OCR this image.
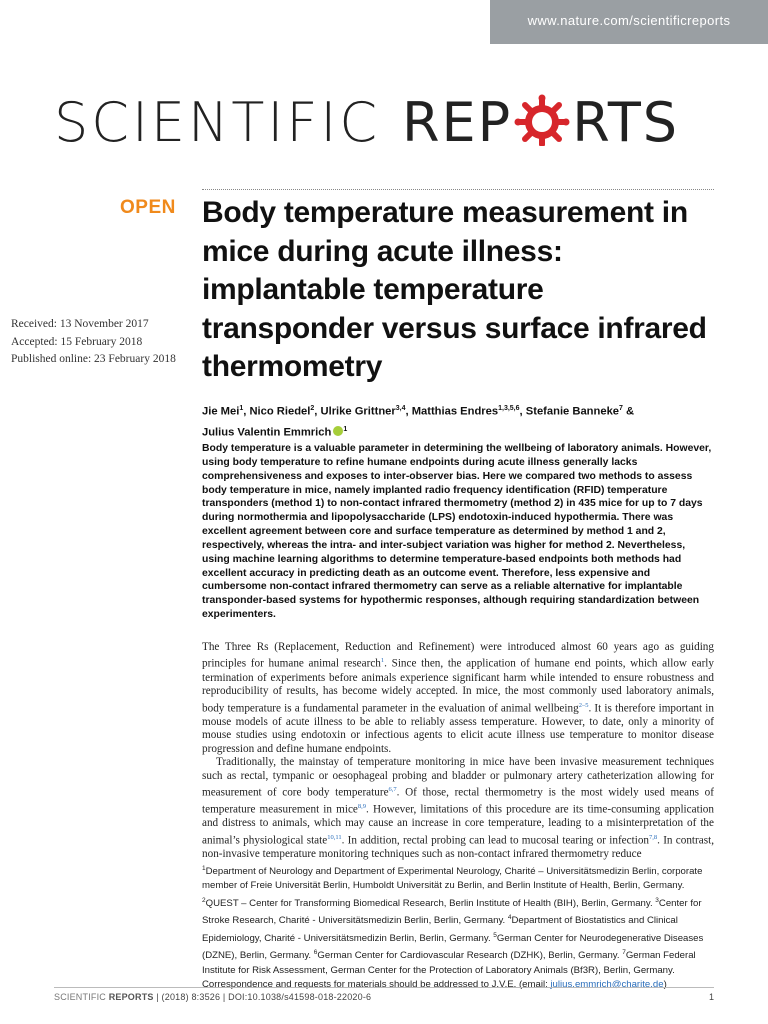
www.nature.com/scientificreports
SCIENTIFIC REP RTS
OPEN
Received: 13 November 2017
Accepted: 15 February 2018
Published online: 23 February 2018
Body temperature measurement in mice during acute illness: implantable temperature transponder versus surface infrared thermometry
Jie Mei$^1$, Nico Riedel$^2$, Ulrike Grittner$^{3,4}$, Matthias Endres$^{1,3,5,6}$, Stefanie Banneke$^7$ &
Julius Valentin Emmrich $^1$
Body temperature is a valuable parameter in determining the wellbeing of laboratory animals. However, using body temperature to refine humane endpoints during acute illness generally lacks comprehensiveness and exposes to inter-observer bias. Here we compared two methods to assess body temperature in mice, namely implanted radio frequency identification (RFID) temperature transponders (method 1) to non-contact infrared thermometry (method 2) in 435 mice for up to 7 days during normothermia and lipopolysaccharide (LPS) endotoxin-induced hypothermia. There was excellent agreement between core and surface temperature as determined by method 1 and 2, respectively, whereas the intra- and inter-subject variation was higher for method 2. Nevertheless, using machine learning algorithms to determine temperature-based endpoints both methods had excellent accuracy in predicting death as an outcome event. Therefore, less expensive and cumbersome non-contact infrared thermometry can serve as a reliable alternative for implantable transponder-based systems for hypothermic responses, although requiring standardization between experimenters.

The Three Rs (Replacement, Reduction and Refinement) were introduced almost 60 years ago as guiding principles for humane animal research$^1$. Since then, the application of humane end points, which allow early termination of experiments before animals experience significant harm while intended to ensure robustness and reproducibility of results, has become widely accepted. In mice, the most commonly used laboratory animals, body temperature is a fundamental parameter in the evaluation of animal wellbeing$^{2-5}$. It is therefore important in mouse models of acute illness to be able to reliably assess temperature. However, to date, only a minority of mouse studies using endotoxin or infectious agents to elicit acute illness use temperature to monitor disease progression and define humane endpoints.

Traditionally, the mainstay of temperature monitoring in mice have been invasive measurement techniques such as rectal, tympanic or oesophageal probing and bladder or pulmonary artery catheterization allowing for measurement of core body temperature$^{6,7}$. Of those, rectal thermometry is the most widely used means of temperature measurement in mice$^{8,9}$. However, limitations of this procedure are its time-consuming application and distress to animals, which may cause an increase in core temperature, leading to a misinterpretation of the animal’s physiological state$^{10,11}$. In addition, rectal probing can lead to mucosal tearing or infection$^{7,8}$. In contrast, non-invasive temperature monitoring techniques such as non-contact infrared thermometry reduce

$^1$Department of Neurology and Department of Experimental Neurology, Charité – Universitätsmedizin Berlin, corporate member of Freie Universität Berlin, Humboldt Universität zu Berlin, and Berlin Institute of Health, Berlin, Germany. $^2$QUEST – Center for Transforming Biomedical Research, Berlin Institute of Health (BIH), Berlin, Germany. $^3$Center for Stroke Research, Charité - Universitätsmedizin Berlin, Berlin, Germany. $^4$Department of Biostatistics and Clinical Epidemiology, Charité - Universitätsmedizin Berlin, Berlin, Germany. $^5$German Center for Neurodegenerative Diseases (DZNE), Berlin, Germany. $^6$German Center for Cardiovascular Research (DZHK), Berlin, Germany. $^7$German Federal Institute for Risk Assessment, German Center for the Protection of Laboratory Animals (Bf3R), Berlin, Germany.
Correspondence and requests for materials should be addressed to J.V.E. (email: julius.emmrich@charite.de)
SCIENTIFIC REPORTS | (2018) 8:3526 | DOI:10.1038/s41598-018-22020-6	1
